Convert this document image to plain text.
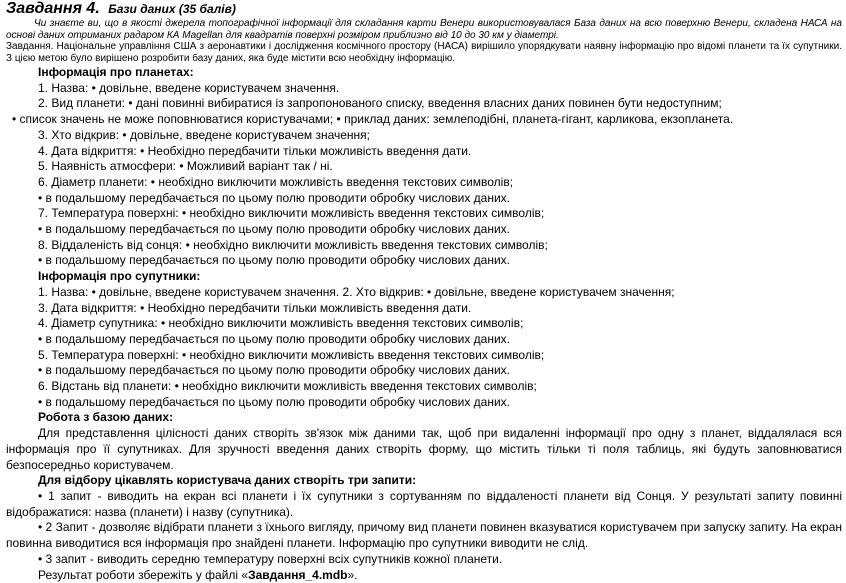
Завдання 4. Бази даних (35 балів)
Чи знаєте ви, що в якості джерела топографічної інформації для складання карти Венери використовувалася База даних на всю поверхню Венери, складена НАСА на основі даних отриманих радаром КА Magellan для квадратів поверхні розміром приблизно від 10 до 30 км у діаметрі.
Завдання. Національне управління США з аеронавтики і дослідження космічного простору (НАСА) вирішило упорядкувати наявну інформацію про відомі планети та їх супутники. З цією метою було вирішено розробити базу даних, яка буде містити всю необхідну інформацію.
Інформація про планетах:
1. Назва: • довільне, введене користувачем значення.
2. Вид планети: • дані повинні вибиратися із запропонованого списку, введення власних даних повинен бути недоступним;
• список значень не може поповнюватися користувачами; • приклад даних: землеподібні, планета-гігант, карликова, екзопланета.
3. Хто відкрив: • довільне, введене користувачем значення;
4. Дата відкриття: • Необхідно передбачити тільки можливість введення дати.
5. Наявність атмосфери: • Можливий варіант так / ні.
6. Діаметр планети: • необхідно виключити можливість введення текстових символів;
• в подальшому передбачається по цьому полю проводити обробку числових даних.
7. Температура поверхні: • необхідно виключити можливість введення текстових символів;
• в подальшому передбачається по цьому полю проводити обробку числових даних.
8. Віддаленість від сонця: • необхідно виключити можливість введення текстових символів;
• в подальшому передбачається по цьому полю проводити обробку числових даних.
Інформація про супутники:
1. Назва: • довільне, введене користувачем значення. 2. Хто відкрив: • довільне, введене користувачем значення;
3. Дата відкриття: • Необхідно передбачити тільки можливість введення дати.
4. Діаметр супутника: • необхідно виключити можливість введення текстових символів;
• в подальшому передбачається по цьому полю проводити обробку числових даних.
5. Температура поверхні: • необхідно виключити можливість введення текстових символів;
• в подальшому передбачається по цьому полю проводити обробку числових даних.
6. Відстань від планети: • необхідно виключити можливість введення текстових символів;
• в подальшому передбачається по цьому полю проводити обробку числових даних.
Робота з базою даних:
Для представлення цілісності даних створіть зв'язок між даними так, щоб при видаленні інформації про одну з планет, віддалялася вся інформація про її супутниках. Для зручності введення даних створіть форму, що містить тільки ті поля таблиць, які будуть заповнюватися безпосередньо користувачем.
Для відбору цікавлять користувача даних створіть три запити:
• 1 запит - виводить на екран всі планети і їх супутники з сортуванням по віддаленості планети від Сонця. У результаті запиту повинні відображатися: назва (планети) і назву (супутника).
• 2 Запит - дозволяє відібрати планети з їхнього вигляду, причому вид планети повинен вказуватися користувачем при запуску запиту. На екран повинна виводитися вся інформація про знайдені планети. Інформацію про супутники виводити не слід.
• 3 запит - виводить середню температуру поверхні всіх супутників кожної планети.
Результат роботи збережіть у файлі «Завдання_4.mdb».
